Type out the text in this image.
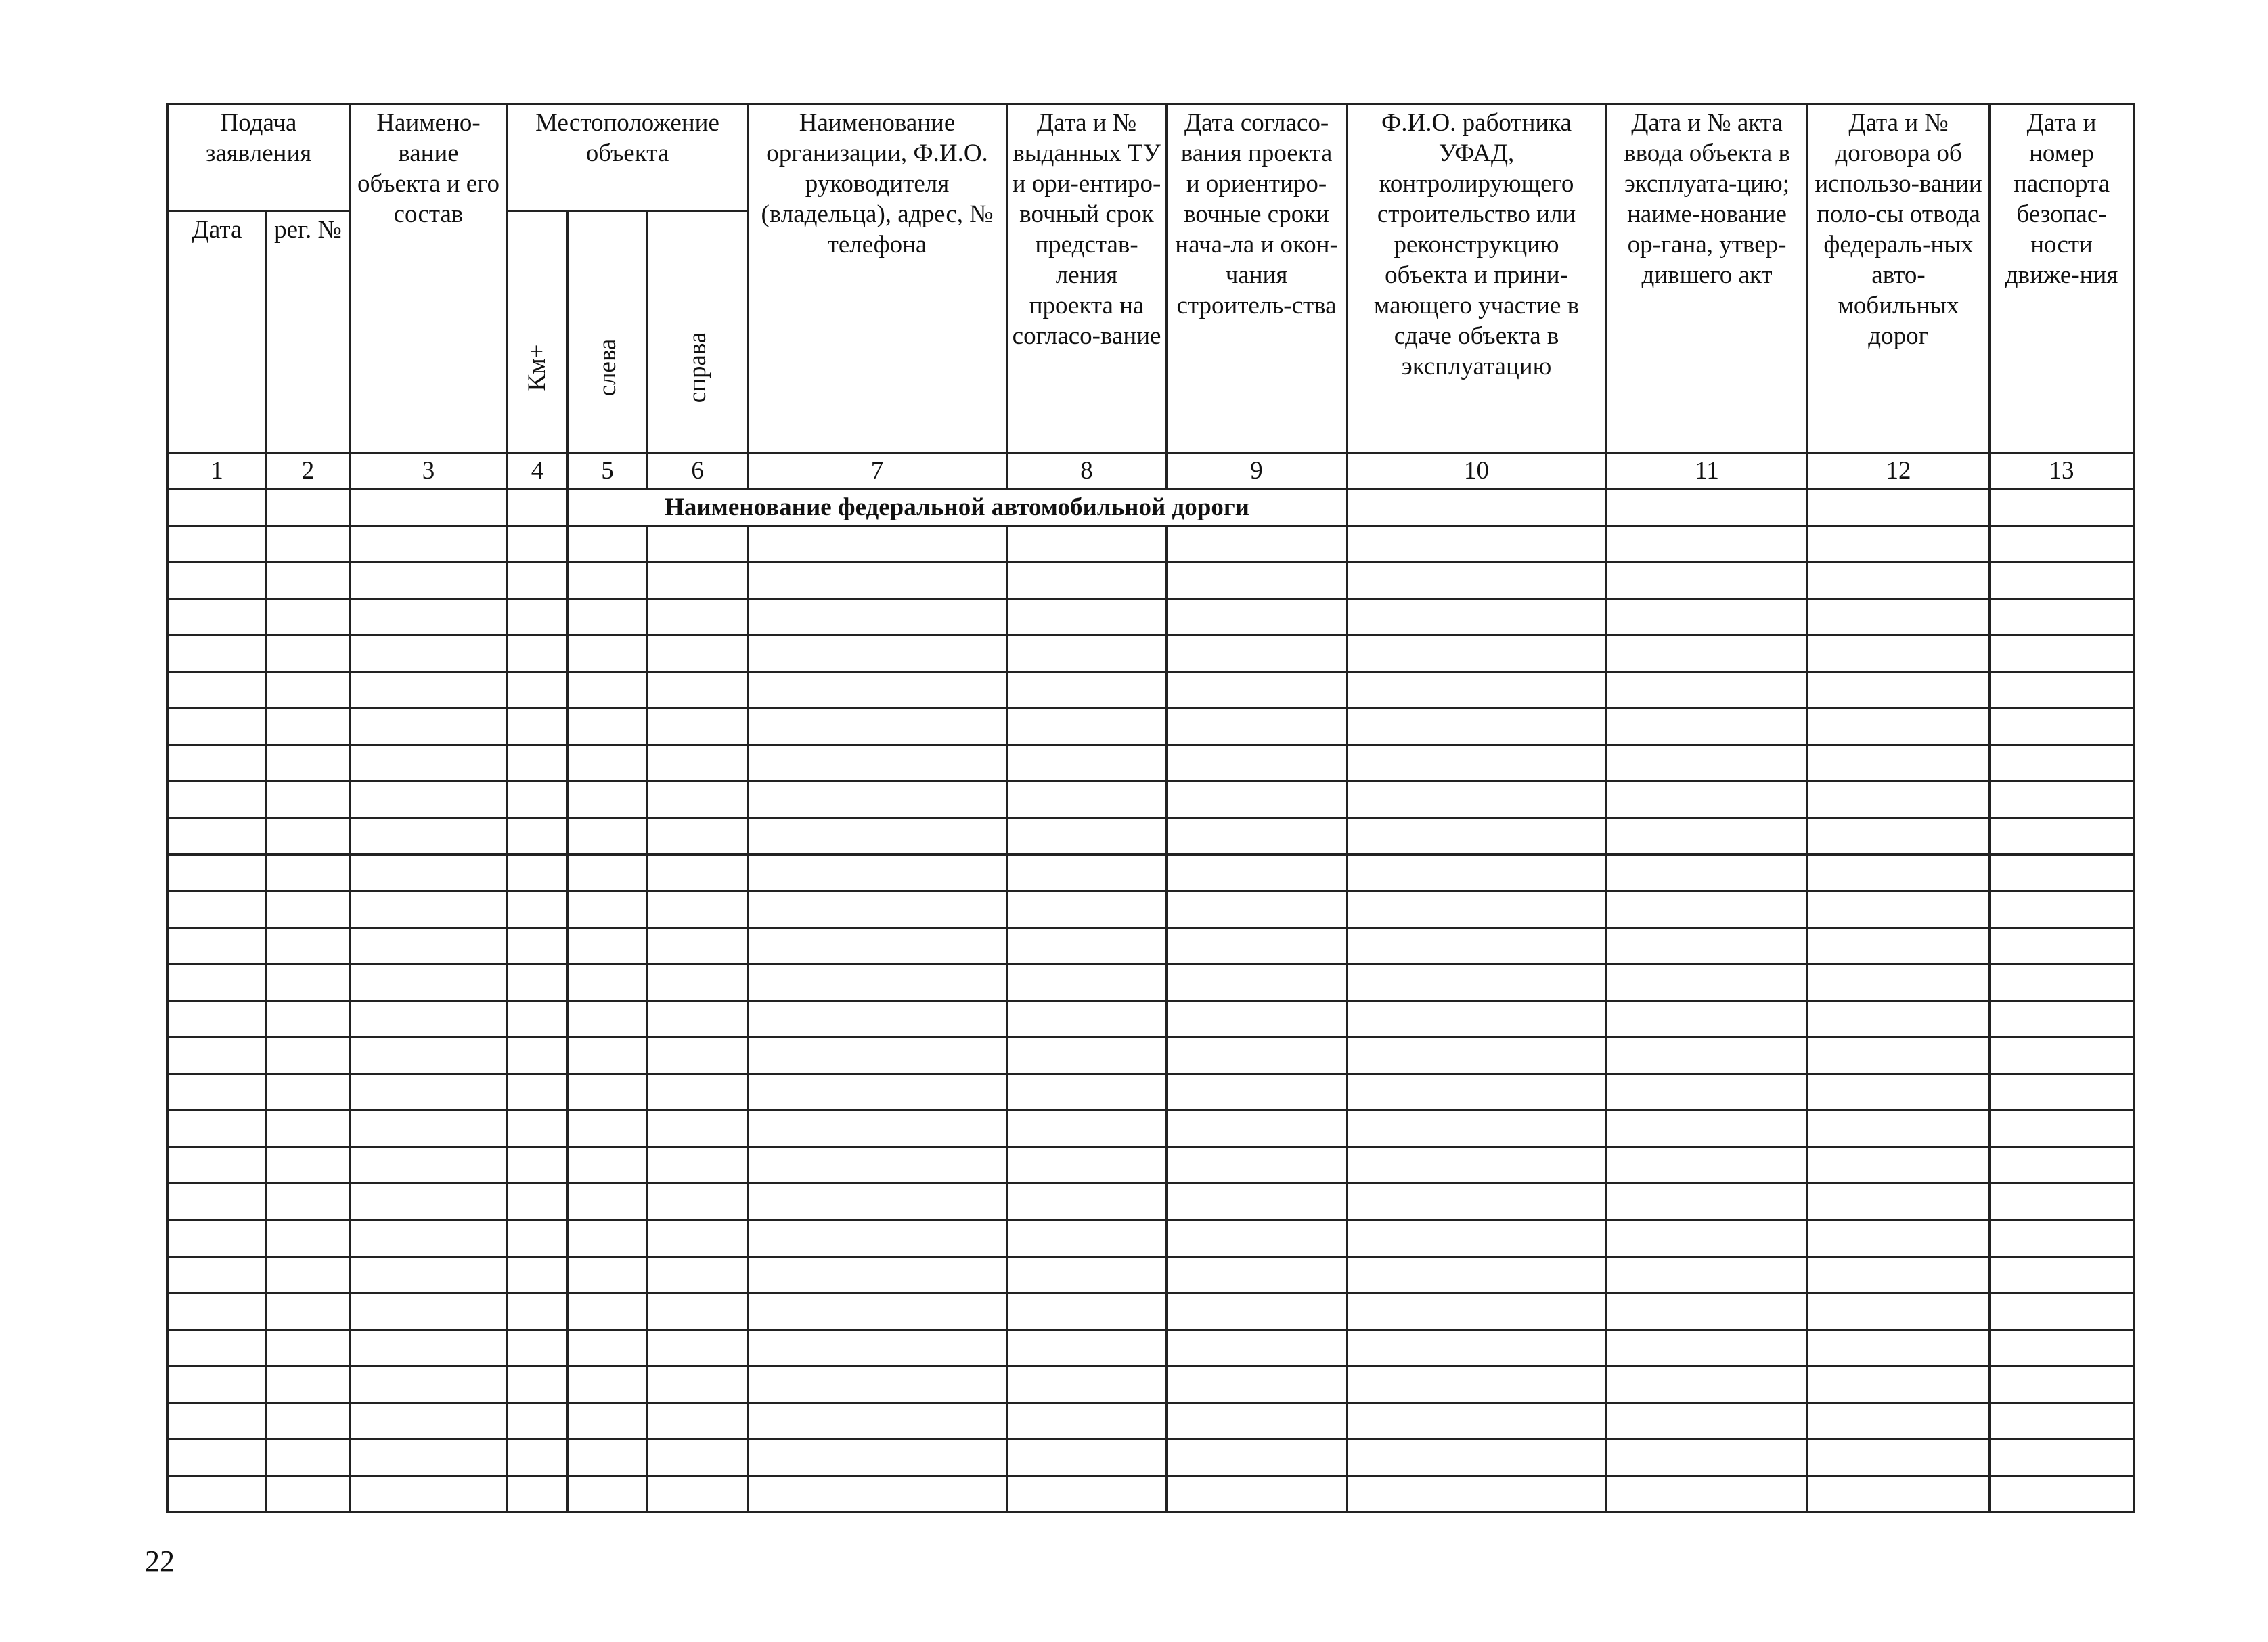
Подача заявления		Наимено-вание объекта и его состав	Местоположение объекта			Наименование организации, Ф.И.О. руководителя (владельца), адрес, № телефона	Дата и № выданных ТУ и ори-ентиро-вочный срок представ-ления проекта на согласо-вание	Дата согласо-вания проекта и ориентиро-вочные сроки нача-ла и окон-чания строитель-ства	Ф.И.О. работника УФАД, контролирующего строительство или реконструкцию объекта и прини-мающего участие в сдаче объекта в эксплуатацию	Дата и № акта ввода объекта в эксплуата-цию; наиме-нование ор-гана, утвер-дившего акт	Дата и № договора об использо-вании поло-сы отвода федераль-ных авто-мобильных дорог	Дата и номер паспорта безопас-ности движе-ния

Дата	рег. №		Км+	слева	справа							

1	2	3	4	5	6	7	8	9	10	11	12	13
				Наименование федеральной автомобильной дороги								

22
